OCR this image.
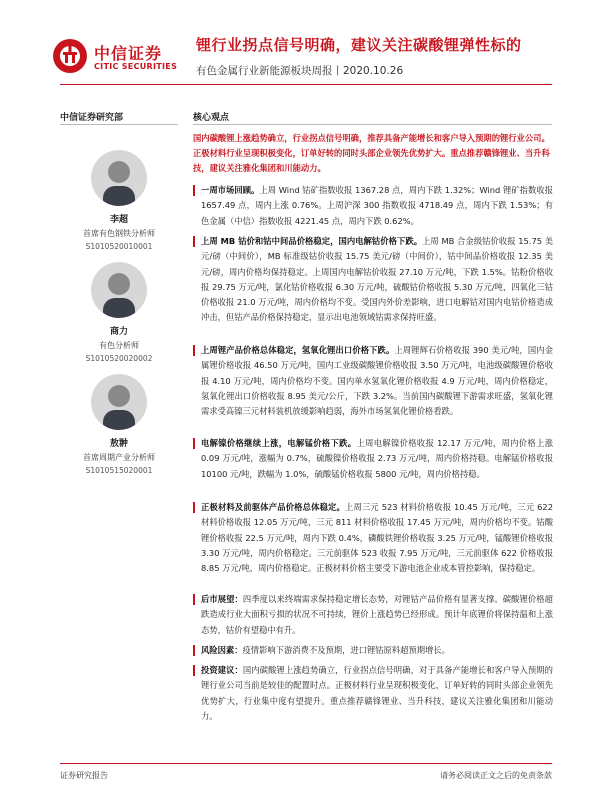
中信证券
CITIC SECURITIES
锂行业拐点信号明确，建议关注碳酸锂弹性标的
有色金属行业新能源板块周报丨2020.10.26
中信证券研究部
李超
首席有色钢铁分析师
S1010520010001
商力
有色分析师
S1010520020002
敖翀
首席周期产业分析师
S1010515020001
核心观点
国内碳酸锂上涨趋势确立，行业拐点信号明确，推荐具备产能增长和客户导入预期的锂行业公司。正极材料行业呈现积极变化，订单好转的同时头部企业领先优势扩大。重点推荐赣锋锂业、当升科技，建议关注雅化集团和川能动力。
一周市场回顾。上周 Wind 钴矿指数收报 1367.28 点，周内下跌 1.32%；Wind 锂矿指数收报 1657.49 点，周内上涨 0.76%。上周沪深 300 指数收报 4718.49 点，周内下跌 1.53%；有色金属（中信）指数收报 4221.45 点，周内下跌 0.62%。
上周 MB 钴价和钴中间品价格稳定，国内电解钴价格下跌。上周 MB 合金级钴价收报 15.75 美元/磅（中间价），MB 标准级钴价收报 15.75 美元/磅（中间价），钴中间品价格收报 12.35 美元/磅，周内价格均保持稳定。上周国内电解钴价收报 27.10 万元/吨，下跌 1.5%。钴粉价格收报 29.75 万元/吨，氯化钴价格收报 6.30 万元/吨，硫酸钴价格收报 5.30 万元/吨，四氧化三钴价格收报 21.0 万元/吨，周内价格均不变。受国内外价差影响，进口电解钴对国内电钴价格造成冲击，但钴产品价格保持稳定，显示出电池领域钴需求保持旺盛。
上周锂产品价格总体稳定，氢氧化锂出口价格下跌。上周锂辉石价格收报 390 美元/吨，国内金属锂价格收报 46.50 万元/吨，国内工业级碳酸锂价格收报 3.50 万元/吨，电池级碳酸锂价格收报 4.10 万元/吨，周内价格均不变。国内单水氢氧化锂价格收报 4.9 万元/吨，周内价格稳定，氢氧化锂出口价格收报 8.95 美元/公斤，下跌 3.2%。当前国内碳酸锂下游需求旺盛，氢氧化锂需求受高镍三元材料装机放缓影响趋弱，海外市场氢氧化锂价格看跌。
电解镍价格继续上涨，电解锰价格下跌。上周电解镍价格收报 12.17 万元/吨，周内价格上涨 0.09 万元/吨，涨幅为 0.7%，硫酸镍价格收报 2.73 万元/吨，周内价格持稳。电解锰价格收报 10100 元/吨，跌幅为 1.0%，硫酸锰价格收报 5800 元/吨，周内价格持稳。
正极材料及前驱体产品价格总体稳定。上周三元 523 材料价格收报 10.45 万元/吨，三元 622 材料价格收报 12.05 万元/吨，三元 811 材料价格收报 17.45 万元/吨，周内价格均不变。钴酸锂价格收报 22.5 万元/吨，周内下跌 0.4%，磷酸铁锂价格收报 3.25 万元/吨，锰酸锂价格收报 3.30 万元/吨，周内价格稳定。三元前驱体 523 收报 7.95 万元/吨，三元前驱体 622 价格收报 8.85 万元/吨，周内价格稳定。正极材料价格主要受下游电池企业成本管控影响，保持稳定。
后市展望：四季度以来终端需求保持稳定增长态势，对锂钴产品价格有显著支撑。碳酸锂价格超跌造成行业大面积亏损的状况不可持续，锂价上涨趋势已经形成。预计年底锂价将保持温和上涨态势，钴价有望稳中有升。
风险因素：疫情影响下游消费不及预期，进口锂钴原料超预期增长。
投资建议：国内碳酸锂上涨趋势确立，行业拐点信号明确，对于具备产能增长和客户导入预期的锂行业公司当前是较佳的配置时点。正极材料行业呈现积极变化，订单好转的同时头部企业领先优势扩大，行业集中度有望提升。重点推荐赣锋锂业、当升科技，建议关注雅化集团和川能动力。
证券研究报告	请务必阅读正文之后的免责条款
